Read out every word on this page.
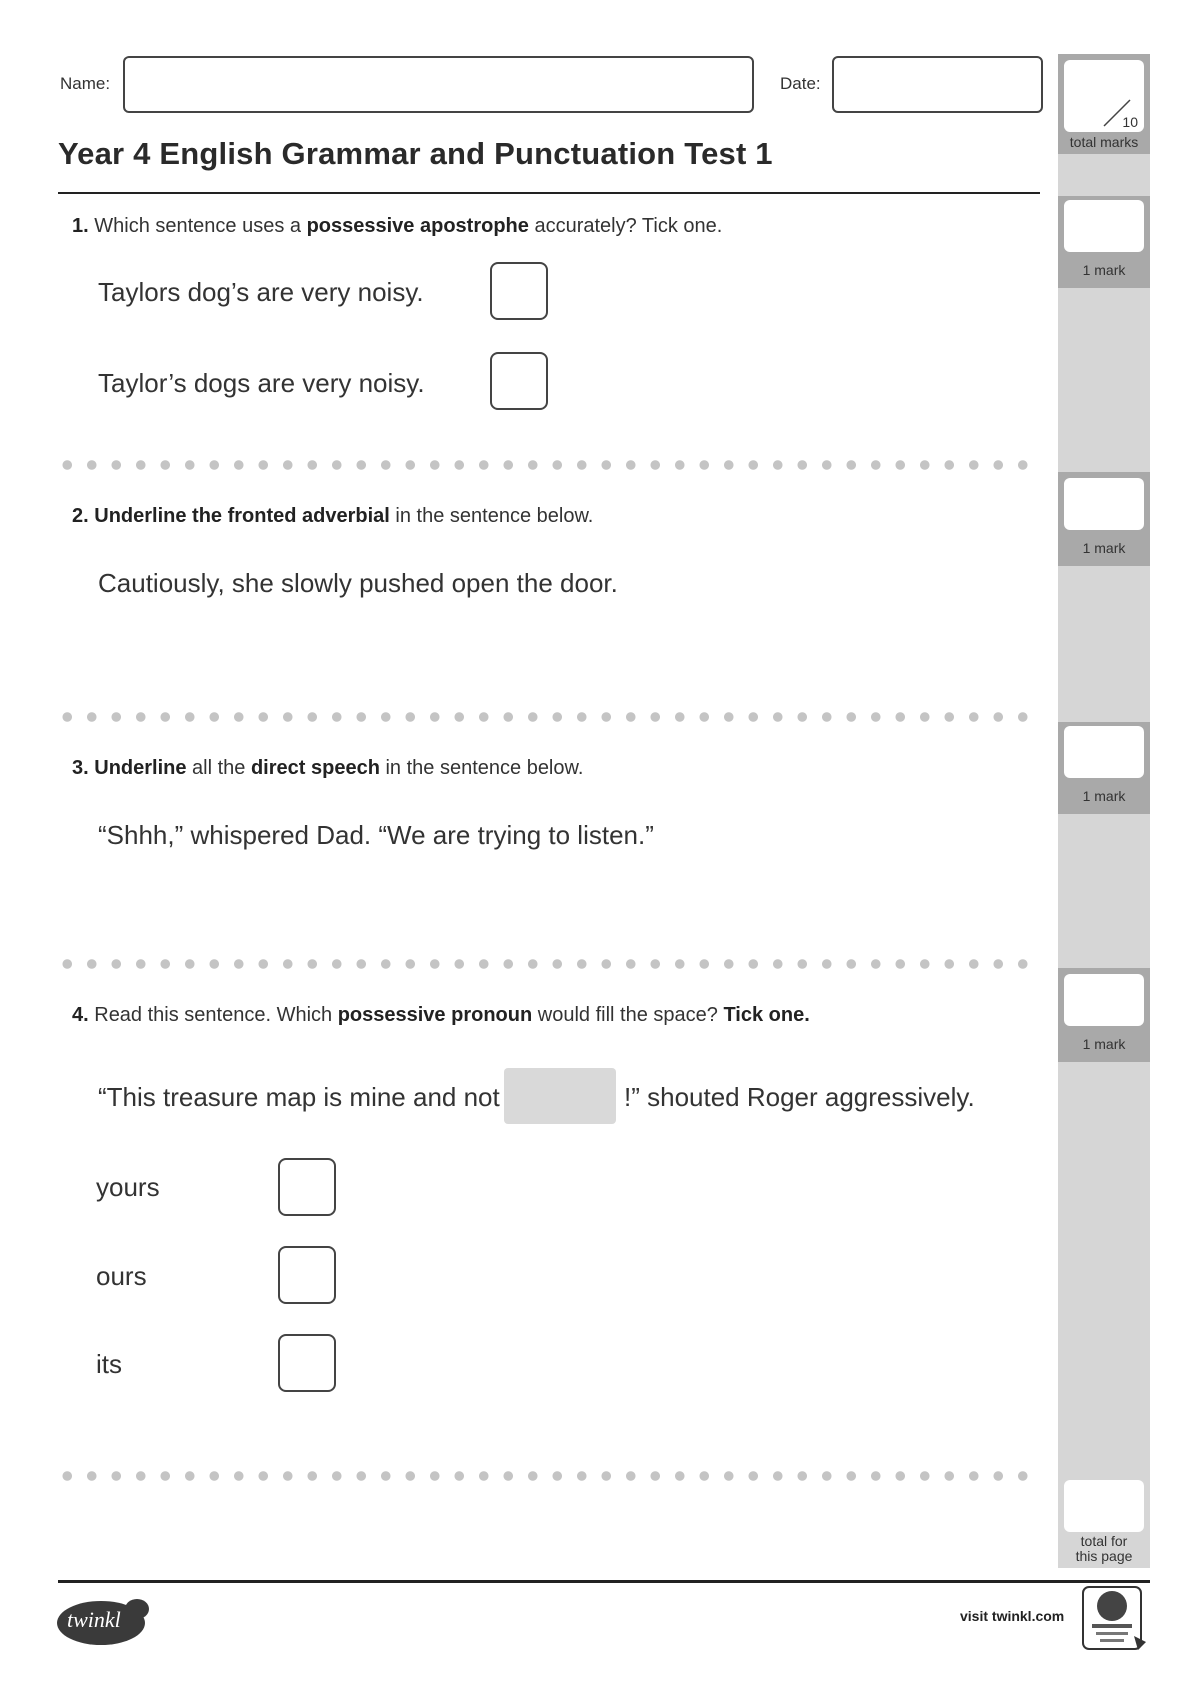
Name:	Date:
Year 4 English Grammar and Punctuation Test 1
10
total marks
1 mark
1 mark
1 mark
1 mark
total for
this page
1. Which sentence uses a possessive apostrophe accurately? Tick one.
Taylors dog’s are very noisy.
Taylor’s dogs are very noisy.
2. Underline the fronted adverbial in the sentence below.
Cautiously, she slowly pushed open the door.
3. Underline all the direct speech in the sentence below.
“Shhh,” whispered Dad. “We are trying to listen.”
4. Read this sentence. Which possessive pronoun would fill the space? Tick one.
“This treasure map is mine and not	!” shouted Roger aggressively.
yours
ours
its
twinkl	visit twinkl.com
